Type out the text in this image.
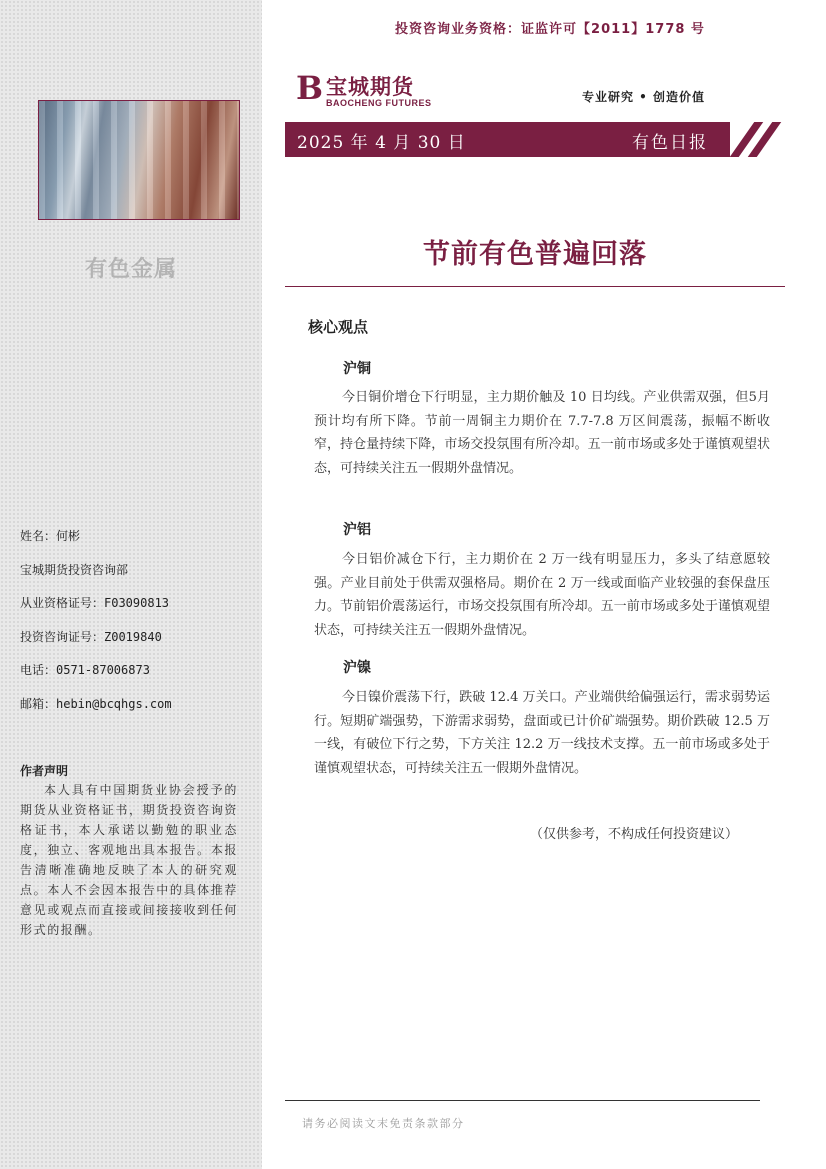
有色金属
姓名：何彬
宝城期货投资咨询部
从业资格证号：F03090813
投资咨询证号：Z0019840
电话：0571-87006873
邮箱：hebin@bcqhgs.com
作者声明
本人具有中国期货业协会授予的期货从业资格证书，期货投资咨询资格证书，本人承诺以勤勉的职业态度，独立、客观地出具本报告。本报告清晰准确地反映了本人的研究观点。本人不会因本报告中的具体推荐意见或观点而直接或间接接收到任何形式的报酬。
投资咨询业务资格：证监许可【2011】1778 号
B 宝城期货
BAOCHENG FUTURES	专业研究 • 创造价值
2025 年 4 月 30 日	有色日报
节前有色普遍回落
核心观点
沪铜
今日铜价增仓下行明显，主力期价触及 10 日均线。产业供需双强，但5月预计均有所下降。节前一周铜主力期价在 7.7-7.8 万区间震荡，振幅不断收窄，持仓量持续下降，市场交投氛围有所冷却。五一前市场或多处于谨慎观望状态，可持续关注五一假期外盘情况。
沪铝
今日铝价减仓下行，主力期价在 2 万一线有明显压力，多头了结意愿较强。产业目前处于供需双强格局。期价在 2 万一线或面临产业较强的套保盘压力。节前铝价震荡运行，市场交投氛围有所冷却。五一前市场或多处于谨慎观望状态，可持续关注五一假期外盘情况。
沪镍
今日镍价震荡下行，跌破 12.4 万关口。产业端供给偏强运行，需求弱势运行。短期矿端强势，下游需求弱势，盘面或已计价矿端强势。期价跌破 12.5 万一线，有破位下行之势，下方关注 12.2 万一线技术支撑。五一前市场或多处于谨慎观望状态，可持续关注五一假期外盘情况。
（仅供参考，不构成任何投资建议）
请务必阅读文末免责条款部分
